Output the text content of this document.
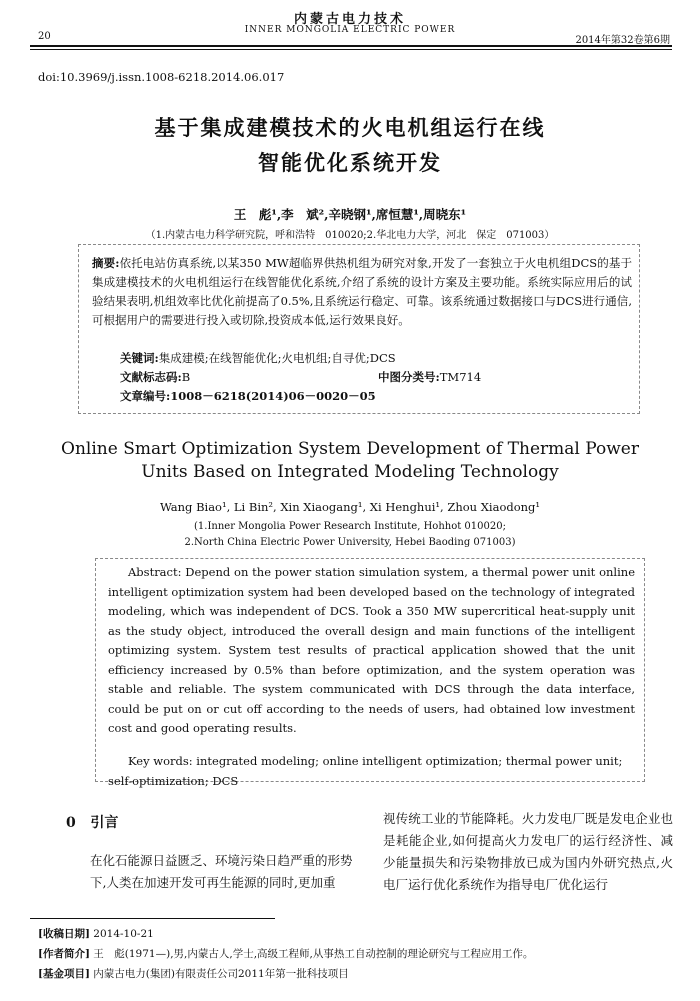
内蒙古电力技术
INNER MONGOLIA ELECTRIC POWER
20	2014年第32卷第6期
doi:10.3969/j.issn.1008-6218.2014.06.017
基于集成建模技术的火电机组运行在线
智能优化系统开发
王　彪¹,李　斌²,辛晓钢¹,席恒慧¹,周晓东¹
（1.内蒙古电力科学研究院，呼和浩特　010020;2.华北电力大学，河北　保定　071003）
摘要:依托电站仿真系统,以某350 MW超临界供热机组为研究对象,开发了一套独立于火电机组DCS的基于集成建模技术的火电机组运行在线智能优化系统,介绍了系统的设计方案及主要功能。系统实际应用后的试验结果表明,机组效率比优化前提高了0.5%,且系统运行稳定、可靠。该系统通过数据接口与DCS进行通信,可根据用户的需要进行投入或切除,投资成本低,运行效果良好。
关键词:集成建模;在线智能优化;火电机组;自寻优;DCS
文献标志码:B	中图分类号:TM714
文章编号:1008－6218(2014)06－0020－05
Online Smart Optimization System Development of Thermal Power
Units Based on Integrated Modeling Technology
Wang Biao¹, Li Bin², Xin Xiaogang¹, Xi Henghui¹, Zhou Xiaodong¹
(1.Inner Mongolia Power Research Institute, Hohhot 010020;
2.North China Electric Power University, Hebei Baoding 071003)
Abstract: Depend on the power station simulation system, a thermal power unit online intelligent optimization system had been developed based on the technology of integrated modeling, which was independent of DCS. Took a 350 MW supercritical heat-supply unit as the study object, introduced the overall design and main functions of the intelligent optimizing system. System test results of practical application showed that the unit efficiency increased by 0.5% than before optimization, and the system operation was stable and reliable. The system communicated with DCS through the data interface, could be put on or cut off according to the needs of users, had obtained low investment cost and good operating results.
Key words: integrated modeling; online intelligent optimization; thermal power unit; self-optimization; DCS
0 引言
在化石能源日益匮乏、环境污染日趋严重的形势下,人类在加速开发可再生能源的同时,更加重
视传统工业的节能降耗。火力发电厂既是发电企业也是耗能企业,如何提高火力发电厂的运行经济性、减少能量损失和污染物排放已成为国内外研究热点,火电厂运行优化系统作为指导电厂优化运行
[收稿日期] 2014-10-21
[作者简介] 王　彪(1971—),男,内蒙古人,学士,高级工程师,从事热工自动控制的理论研究与工程应用工作。
[基金项目] 内蒙古电力(集团)有限责任公司2011年第一批科技项目
